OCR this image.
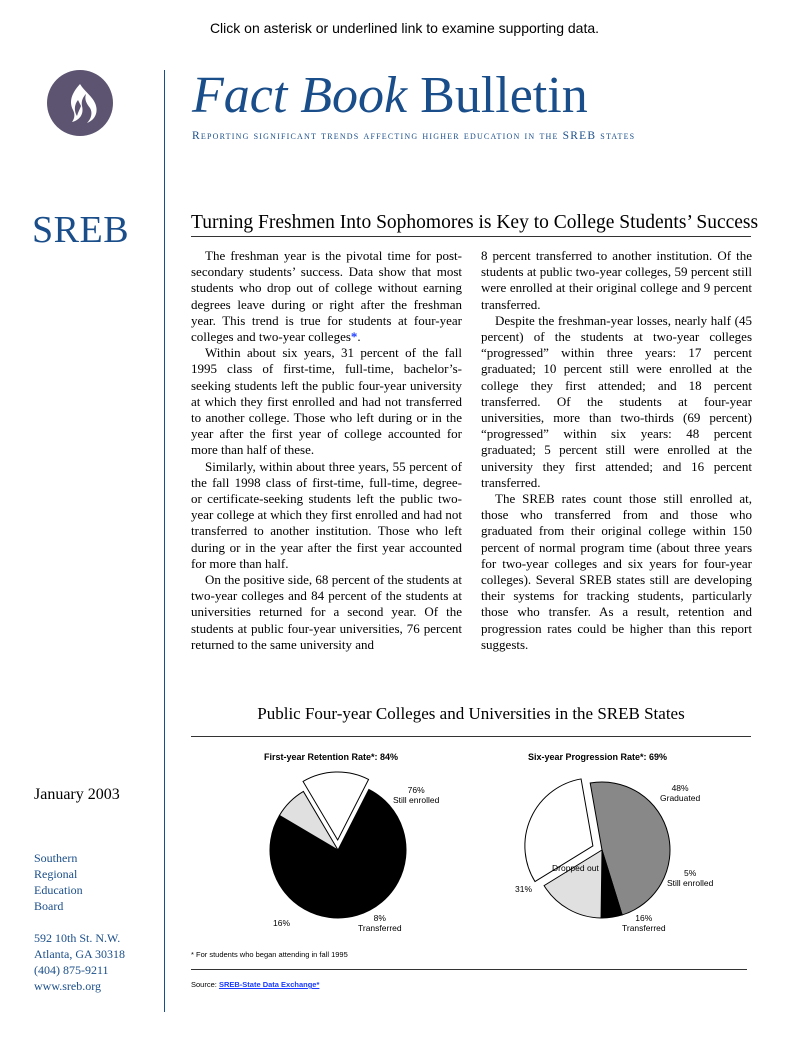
Click on asterisk or underlined link to examine supporting data.
Fact Book Bulletin
Reporting significant trends affecting higher education in the SREB states
SREB	Turning Freshmen Into Sophomores is Key to College Students’ Success

The freshman year is the pivotal time for post-secondary students’ success. Data show that most students who drop out of college without earning degrees leave during or right after the freshman year. This trend is true for students at four-year colleges and two-year colleges*.

Within about six years, 31 percent of the fall 1995 class of first-time, full-time, bachelor’s-seeking students left the public four-year university at which they first enrolled and had not transferred to another college. Those who left during or in the year after the first year of college accounted for more than half of these.

Similarly, within about three years, 55 percent of the fall 1998 class of first-time, full-time, degree- or certificate-seeking students left the public two-year college at which they first enrolled and had not transferred to another institution. Those who left during or in the year after the first year accounted for more than half.

On the positive side, 68 percent of the students at two-year colleges and 84 percent of the students at universities returned for a second year. Of the students at public four-year universities, 76 percent returned to the same university and

8 percent transferred to another institution. Of the students at public two-year colleges, 59 percent still were enrolled at their original college and 9 percent transferred.

Despite the freshman-year losses, nearly half (45 percent) of the students at two-year colleges “progressed” within three years: 17 percent graduated; 10 percent still were enrolled at the college they first attended; and 18 percent transferred. Of the students at four-year universities, more than two-thirds (69 percent) “progressed” within six years: 48 percent graduated; 5 percent still were enrolled at the university they first attended; and 16 percent transferred.

The SREB rates count those still enrolled at, those who transferred from and those who graduated from their original college within 150 percent of normal program time (about three years for two-year colleges and six years for four-year colleges). Several SREB states still are developing their systems for tracking students, particularly those who transfer. As a result, retention and progression rates could be higher than this report suggests.

Public Four-year Colleges and Universities in the SREB States
First-year Retention Rate*: 84%
76%
Still enrolled
8%
Transferred
Dropped out
16%
Six-year Progression Rate*: 69%
48%
Graduated
5%
Still enrolled
16%
Transferred
Dropped out
31%
* For students who began attending in fall 1995
Source: SREB-State Data Exchange*
January 2003
Southern
Regional
Education
Board
592 10th St. N.W.
Atlanta, GA 30318
(404) 875-9211
www.sreb.org
